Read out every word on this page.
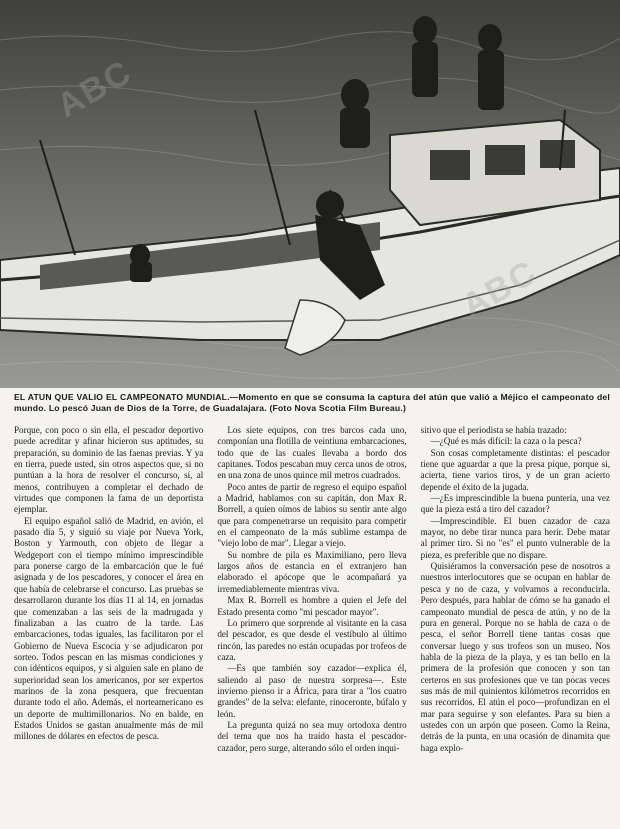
ABC
ABC
EL ATUN QUE VALIO EL CAMPEONATO MUNDIAL.—Momento en que se consuma la captura del atún que valió a Méjico el campeonato del mundo. Lo pescó Juan de Dios de la Torre, de Guadalajara. (Foto Nova Scotia Film Bureau.)

Porque, con poco o sin ella, el pescador deportivo puede acreditar y afinar hicieron sus aptitudes, su preparación, su dominio de las faenas previas. Y ya en tierra, puede usted, sin otros aspectos que, si no puntúan a la hora de resolver el concurso, sí, al menos, contribuyen a completar el dechado de virtudes que componen la fama de un deportista ejemplar.

El equipo español salió de Madrid, en avión, el pasado día 5, y siguió su viaje por Nueva York, Boston y Yarmouth, con objeto de llegar a Wedgeport con el tiempo mínimo imprescindible para ponerse cargo de la embarcación que le fué asignada y de los pescadores, y conocer el área en que había de celebrarse el concurso. Las pruebas se desarrollaron durante los días 11 al 14, en jornadas que comenzaban a las seis de la madrugada y finalizaban a las cuatro de la tarde. Las embarcaciones, todas iguales, las facilitaron por el Gobierno de Nueva Escocia y se adjudicaron por sorteo. Todos pescan en las mismas condiciones y con idénticos equipos, y si alguien sale en plano de superioridad sean los americanos, por ser expertos marinos de la zona pesquera, que frecuentan durante todo el año. Además, el norteamericano es un deporte de multimillonarios. No en balde, en Estados Unidos se gastan anualmente más de mil millones de dólares en efectos de pesca.

Los siete equipos, con tres barcos cada uno, componían una flotilla de veintiuna embarcaciones, todo que de las cuales llevaba a bordo dos capitanes. Todos pescaban muy cerca unos de otros, en una zona de unos quince mil metros cuadrados.

Poco antes de partir de regreso el equipo español a Madrid, hablamos con su capitán, don Max R. Borrell, a quien oímos de labios su sentir ante algo que para compenetrarse un requisito para competir en el campeonato de la más sublime estampa de "viejo lobo de mar". Llegar a viejo.

Su nombre de pila es Maximiliano, pero lleva largos años de estancia en el extranjero han elaborado el apócope que le acompañará ya irremediablemente mientras viva.

Max R. Borrell es hombre a quien el Jefe del Estado presenta como "mi pescador mayor".

Lo primero que sorprende al visitante en la casa del pescador, es que desde el vestíbulo al último rincón, las paredes no están ocupadas por trofeos de caza.

—Es que también soy cazador—explica él, saliendo al paso de nuestra sorpresa—. Este invierno pienso ir a África, para tirar a "los cuatro grandes" de la selva: elefante, rinoceronte, búfalo y león.

La pregunta quizá no sea muy ortodoxa dentro del tema que nos ha traído hasta el pescador-cazador, pero surge, alterando sólo el orden inqui-

sitivo que el periodista se había trazado:

—¿Qué es más difícil: la caza o la pesca?

Son cosas completamente distintas: el pescador tiene que aguardar a que la presa pique, porque si, acierta, tiene varios tiros, y de un gran acierto depende el éxito de la jugada.

—¿Es imprescindible la buena puntería, una vez que la pieza está a tiro del cazador?

—Imprescindible. El buen cazador de caza mayor, no debe tirar nunca para herir. Debe matar al primer tiro. Si no "es" el punto vulnerable de la pieza, es preferible que no dispare.

Quisiéramos la conversación pese de nosotros a nuestros interlocutores que se ocupan en hablar de pesca y no de caza, y volvamos a reconducirla. Pero después, para hablar de cómo se ha ganado el campeonato mundial de pesca de atún, y no de la pura en general. Porque no se habla de caza o de pesca, el señor Borrell tiene tantas cosas que conversar luego y sus trofeos son un museo. Nos habla de la pieza de la playa, y es tan bello en la primera de la profesión que conocen y son tan certeros en sus profesiones que ve tan pocas veces sus más de mil quinientos kilómetros recorridos en sus recorridos. El atún el poco—profundizan en el mar para seguirse y son elefantes. Para su bien a ustedes con un arpón que poseen. Como la Reina, detrás de la punta, en una ocasión de dinamita que haga explo-
